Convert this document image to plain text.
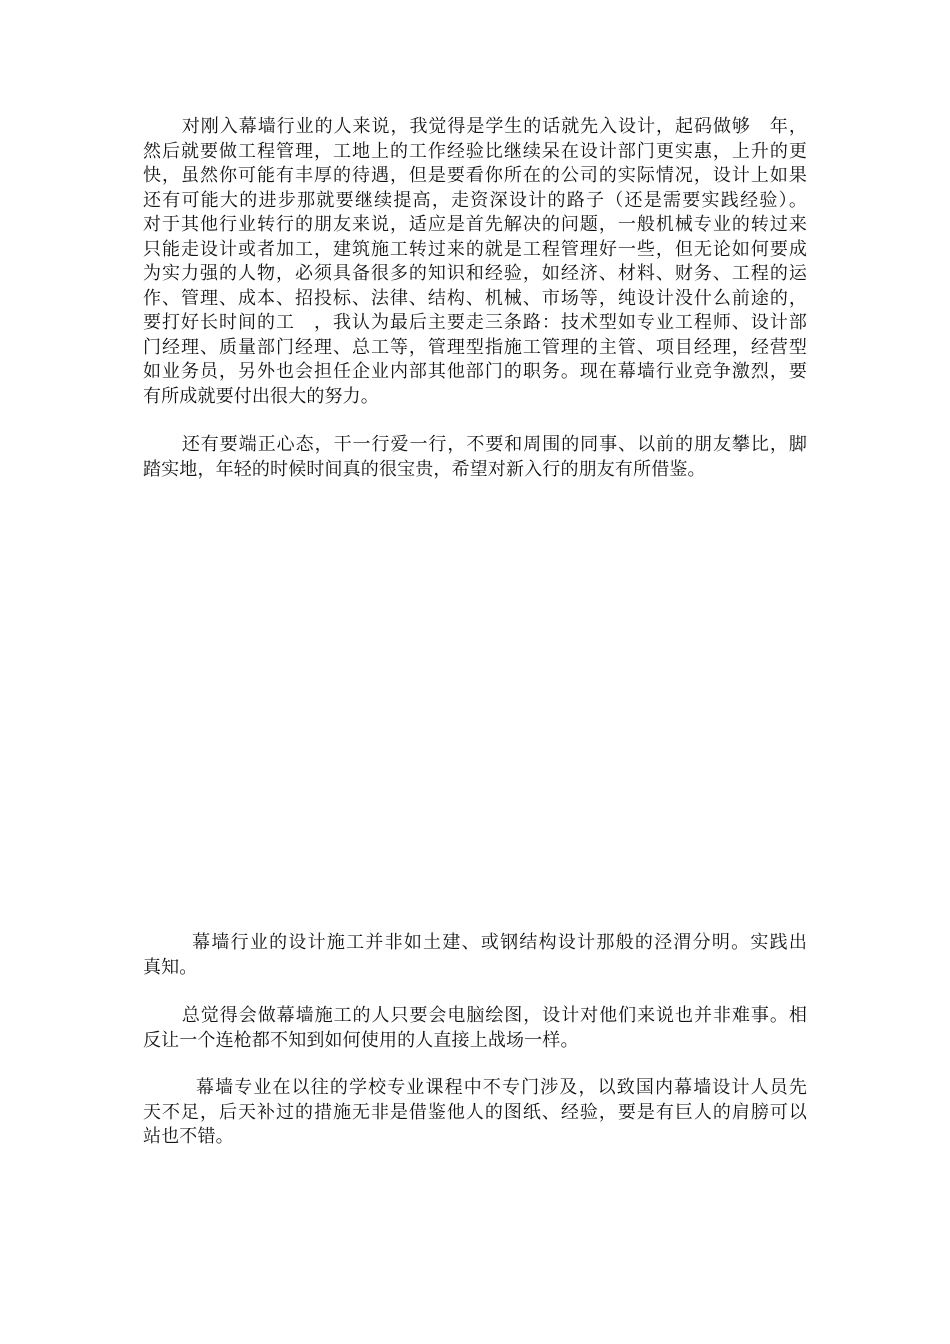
对刚入幕墙行业的人来说，我觉得是学生的话就先入设计，起码做够　年，
然后就要做工程管理，工地上的工作经验比继续呆在设计部门更实惠，上升的更
快，虽然你可能有丰厚的待遇，但是要看你所在的公司的实际情况，设计上如果
还有可能大的进步那就要继续提高，走资深设计的路子（还是需要实践经验）。
对于其他行业转行的朋友来说，适应是首先解决的问题，一般机械专业的转过来
只能走设计或者加工，建筑施工转过来的就是工程管理好一些，但无论如何要成
为实力强的人物，必须具备很多的知识和经验，如经济、材料、财务、工程的运
作、管理、成本、招投标、法律、结构、机械、市场等，纯设计没什么前途的，
要打好长时间的工　，我认为最后主要走三条路：技术型如专业工程师、设计部
门经理、质量部门经理、总工等，管理型指施工管理的主管、项目经理，经营型
如业务员，另外也会担任企业内部其他部门的职务。现在幕墙行业竞争激烈，要
有所成就要付出很大的努力。
还有要端正心态，干一行爱一行，不要和周围的同事、以前的朋友攀比，脚
踏实地，年轻的时候时间真的很宝贵，希望对新入行的朋友有所借鉴。
幕墙行业的设计施工并非如土建、或钢结构设计那般的泾渭分明。实践出
真知。
总觉得会做幕墙施工的人只要会电脑绘图，设计对他们来说也并非难事。相
反让一个连枪都不知到如何使用的人直接上战场一样。
幕墙专业在以往的学校专业课程中不专门涉及，以致国内幕墙设计人员先
天不足，后天补过的措施无非是借鉴他人的图纸、经验，要是有巨人的肩膀可以
站也不错。
